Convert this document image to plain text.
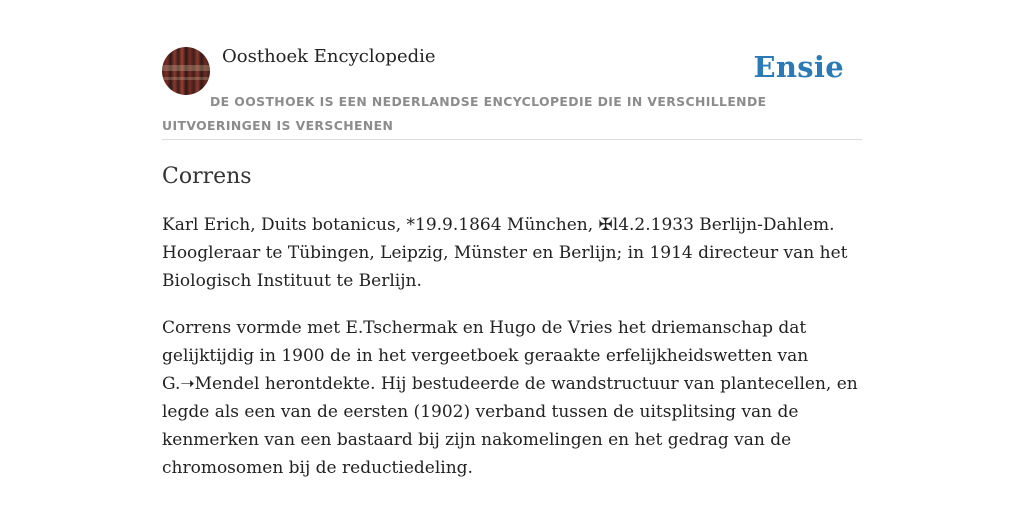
Oosthoek Encyclopedie	Ensie
DE OOSTHOEK IS EEN NEDERLANDSE ENCYCLOPEDIE DIE IN VERSCHILLENDE UITVOERINGEN IS VERSCHENEN
Correns

Karl Erich, Duits botanicus, *19.9.1864 München, ✠l4.2.1933 Berlijn-Dahlem. Hoogleraar te Tübingen, Leipzig, Münster en Berlijn; in 1914 directeur van het Biologisch Instituut te Berlijn.

Correns vormde met E.Tschermak en Hugo de Vries het driemanschap dat gelijktijdig in 1900 de in het vergeetboek geraakte erfelijkheidswetten van G.➝Mendel herontdekte. Hij bestudeerde de wandstructuur van plantecellen, en legde als een van de eersten (1902) verband tussen de uitsplitsing van de kenmerken van een bastaard bij zijn nakomelingen en het gedrag van de chromosomen bij de reductiedeling.
